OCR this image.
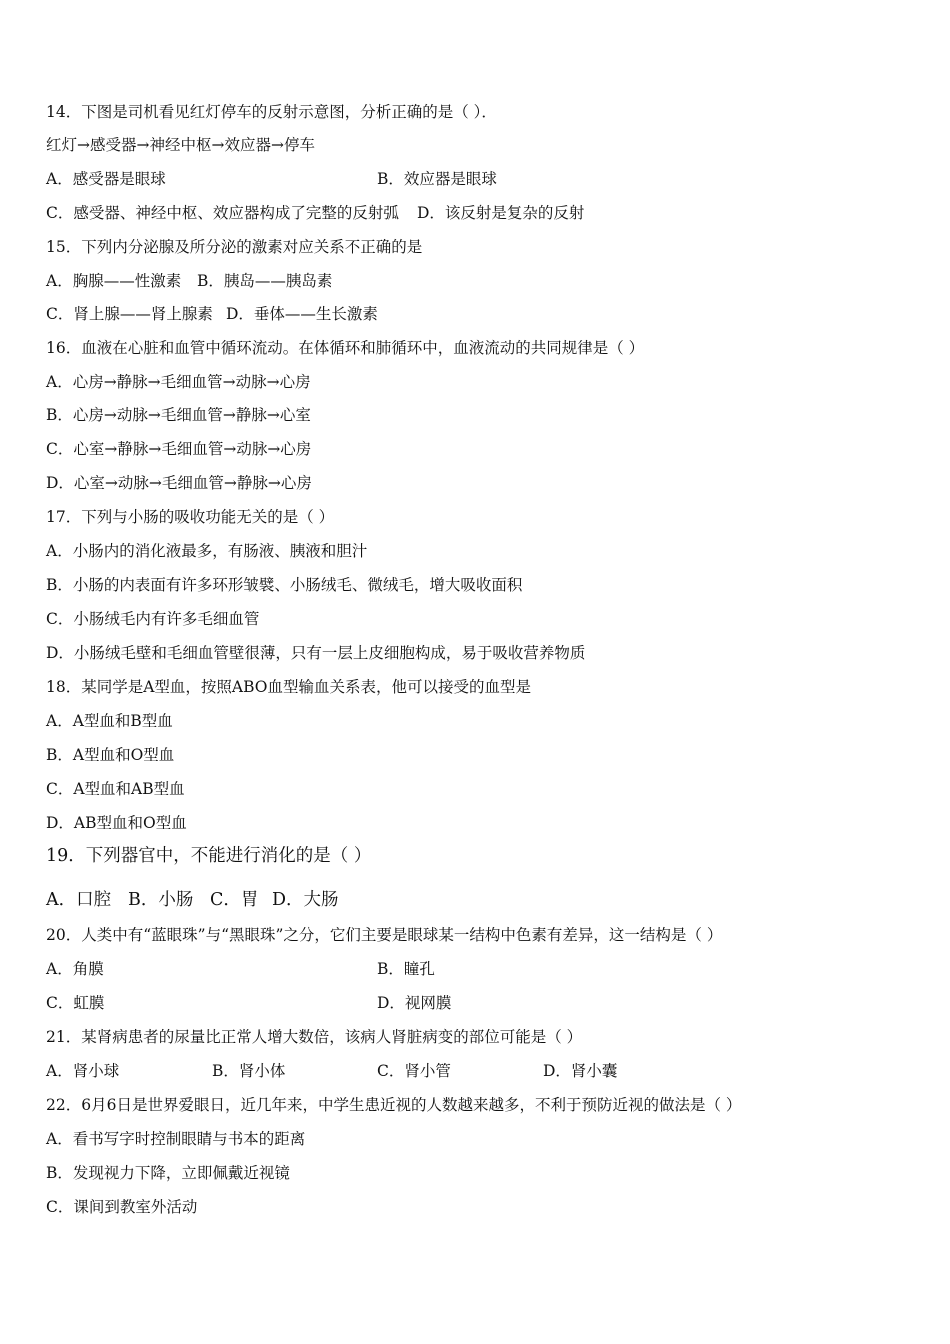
14．下图是司机看见红灯停车的反射示意图，分析正确的是（ ）．
红灯→感受器→神经中枢→效应器→停车
A．感受器是眼球	B．效应器是眼球
C．感受器、神经中枢、效应器构成了完整的反射弧 D．该反射是复杂的反射
15．下列内分泌腺及所分泌的激素对应关系不正确的是
A．胸腺——性激素 B．胰岛——胰岛素
C．肾上腺——肾上腺素 D．垂体——生长激素
16．血液在心脏和血管中循环流动。在体循环和肺循环中，血液流动的共同规律是（ ）
A．心房→静脉→毛细血管→动脉→心房
B．心房→动脉→毛细血管→静脉→心室
C．心室→静脉→毛细血管→动脉→心房
D．心室→动脉→毛细血管→静脉→心房
17．下列与小肠的吸收功能无关的是（ ）
A．小肠内的消化液最多，有肠液、胰液和胆汁
B．小肠的内表面有许多环形皱襞、小肠绒毛、微绒毛，增大吸收面积
C．小肠绒毛内有许多毛细血管
D．小肠绒毛壁和毛细血管壁很薄，只有一层上皮细胞构成，易于吸收营养物质
18．某同学是A型血，按照ABO血型输血关系表，他可以接受的血型是
A．A型血和B型血
B．A型血和O型血
C．A型血和AB型血
D．AB型血和O型血
19．下列器官中，不能进行消化的是（ ）
A．口腔 B．小肠 C．胃 D．大肠
20．人类中有“蓝眼珠”与“黑眼珠”之分，它们主要是眼球某一结构中色素有差异，这一结构是（ ）
A．角膜	B．瞳孔
C．虹膜	D．视网膜
21．某肾病患者的尿量比正常人增大数倍，该病人肾脏病变的部位可能是（ ）
A．肾小球	B．肾小体	C．肾小管	D．肾小囊
22．6月6日是世界爱眼日，近几年来，中学生患近视的人数越来越多，不利于预防近视的做法是（ ）
A．看书写字时控制眼睛与书本的距离
B．发现视力下降，立即佩戴近视镜
C．课间到教室外活动
